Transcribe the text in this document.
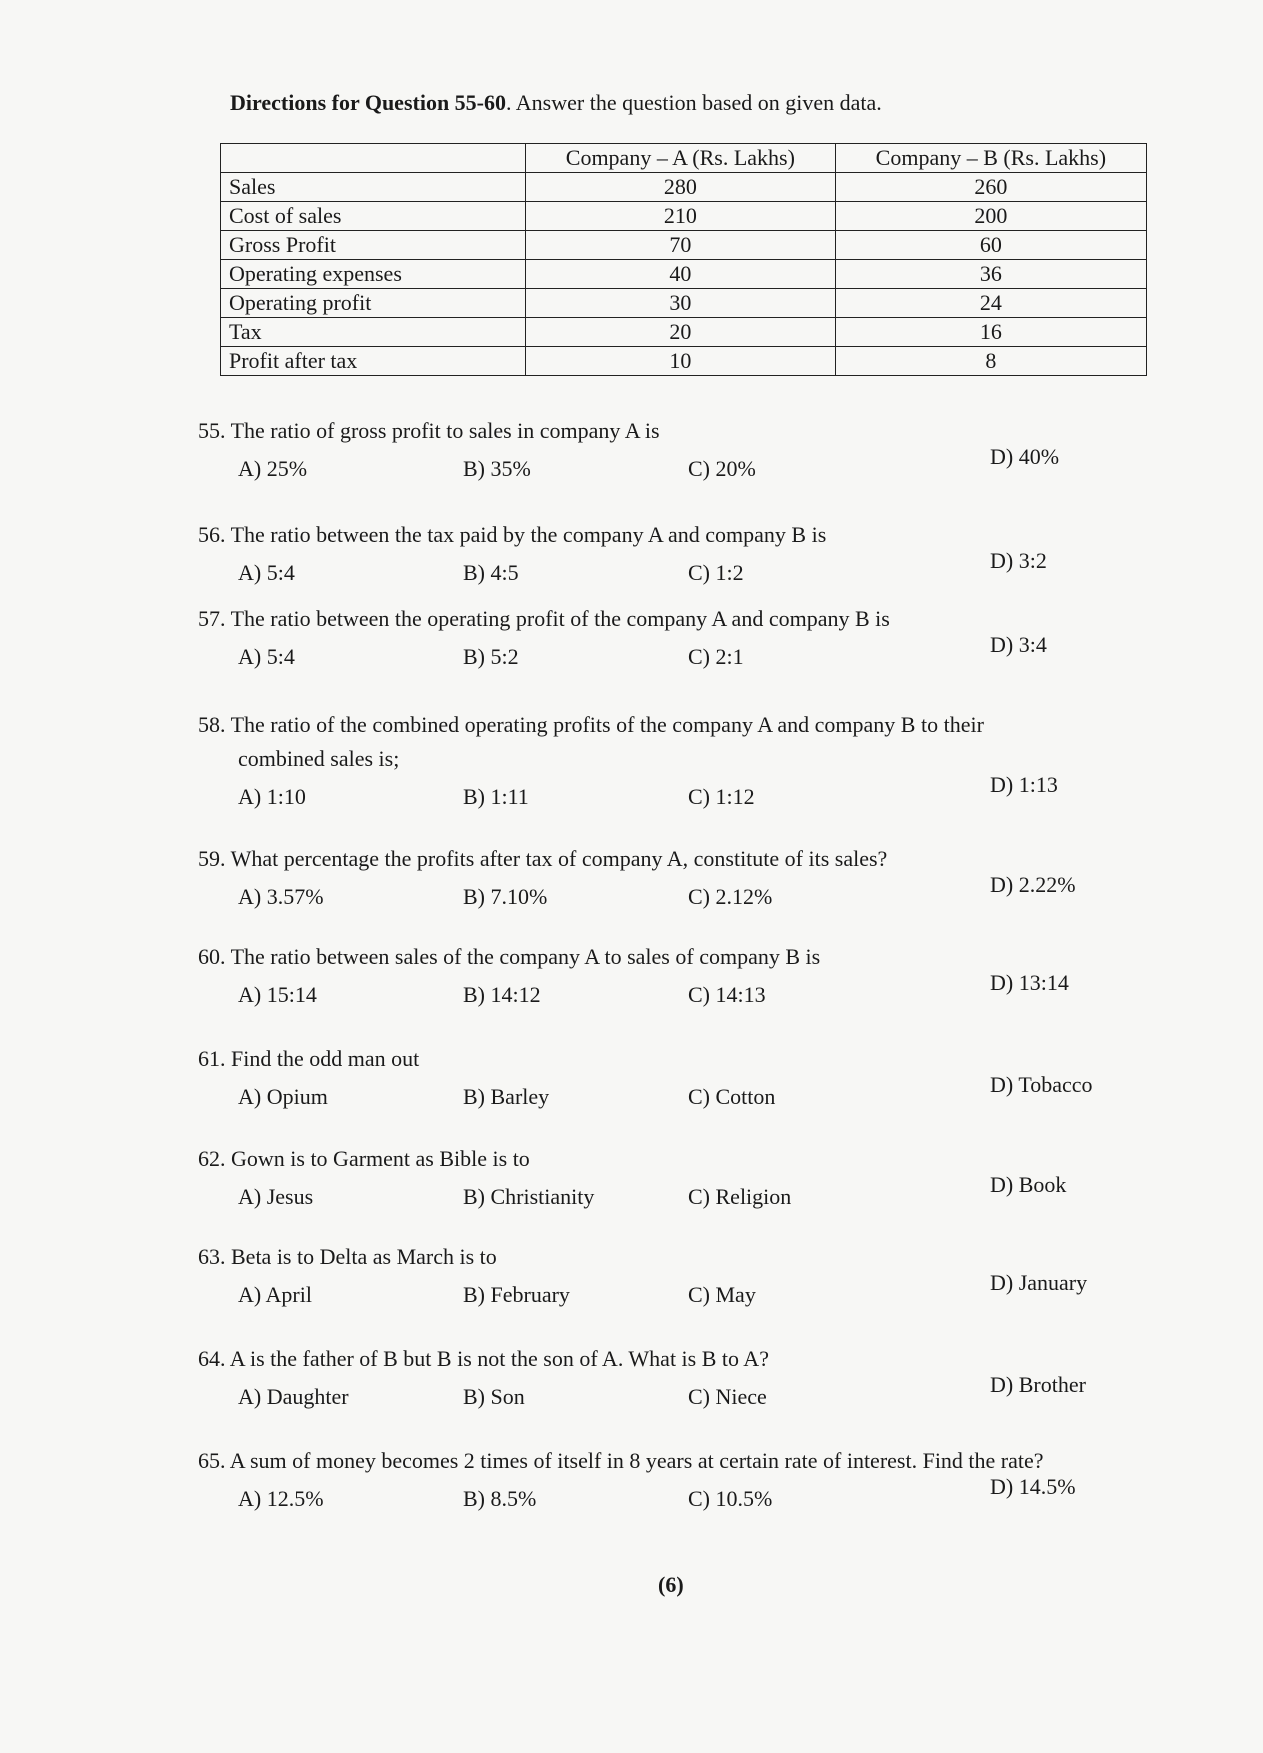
Directions for Question 55-60. Answer the question based on given data.
	Company – A (Rs. Lakhs)	Company – B (Rs. Lakhs)
Sales	280	260
Cost of sales	210	200
Gross Profit	70	60
Operating expenses	40	36
Operating profit	30	24
Tax	20	16
Profit after tax	10	8
55. The ratio of gross profit to sales in company A is
A) 25%	B) 35%	C) 20%	D) 40%
56. The ratio between the tax paid by the company A and company B is
A) 5:4	B) 4:5	C) 1:2	D) 3:2
57. The ratio between the operating profit of the company A and company B is
A) 5:4	B) 5:2	C) 2:1	D) 3:4
58. The ratio of the combined operating profits of the company A and company B to their
combined sales is;
A) 1:10	B) 1:11	C) 1:12	D) 1:13
59. What percentage the profits after tax of company A, constitute of its sales?
A) 3.57%	B) 7.10%	C) 2.12%	D) 2.22%
60. The ratio between sales of the company A to sales of company B is
A) 15:14	B) 14:12	C) 14:13	D) 13:14
61. Find the odd man out
A) Opium	B) Barley	C) Cotton	D) Tobacco
62. Gown is to Garment as Bible is to
A) Jesus	B) Christianity	C) Religion	D) Book
63. Beta is to Delta as March is to
A) April	B) February	C) May	D) January
64. A is the father of B but B is not the son of A. What is B to A?
A) Daughter	B) Son	C) Niece	D) Brother
65. A sum of money becomes 2 times of itself in 8 years at certain rate of interest. Find the rate?
A) 12.5%	B) 8.5%	C) 10.5%	D) 14.5%
(6)
